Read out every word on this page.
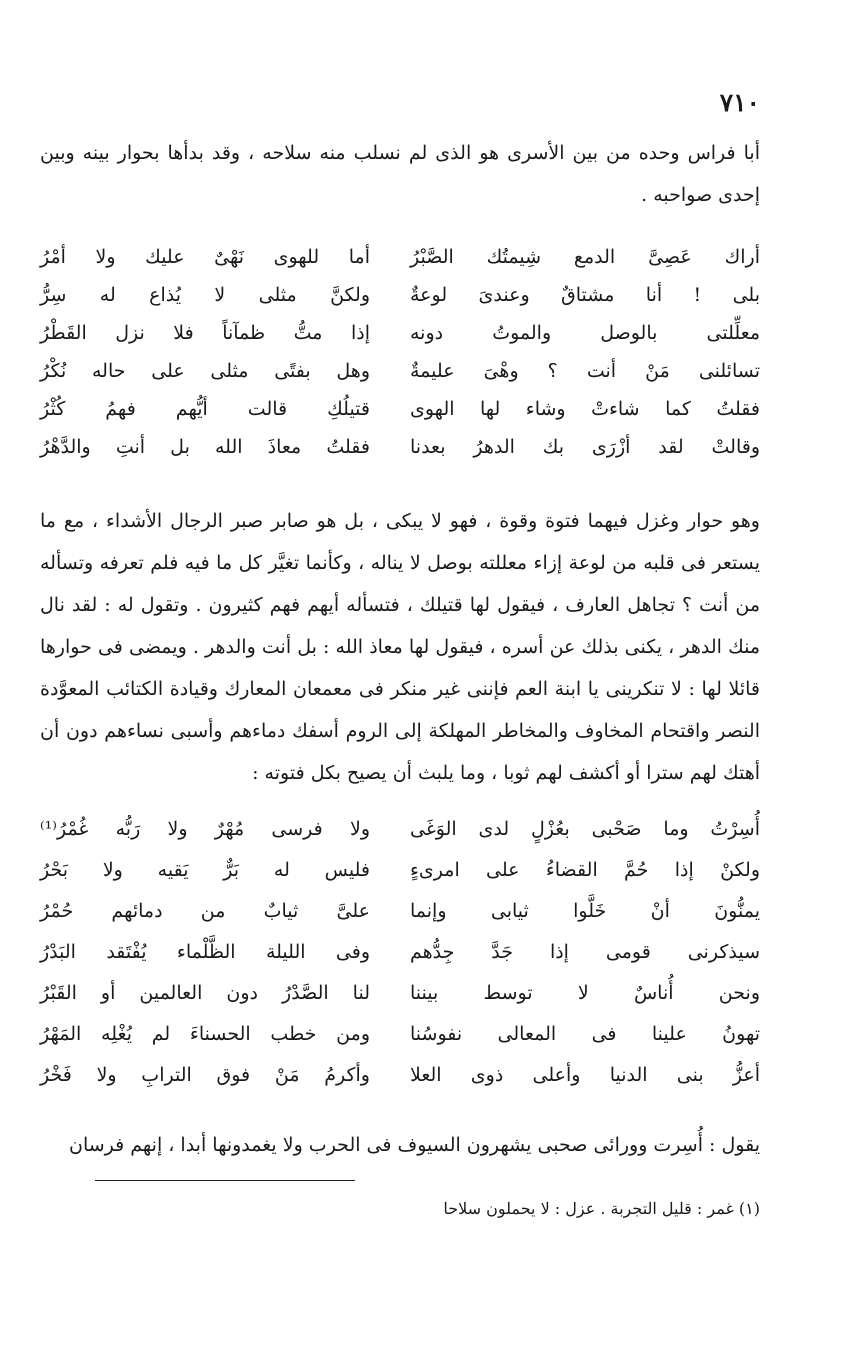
٧١٠

أبا فراس وحده من بين الأسرى هو الذى لم نسلب منه سلاحه ، وقد بدأها بحوار بينه وبين إحدى صواحبه .

أراك عَصِىَّ الدمع شِيمتُك الصَّبْرُ
أما للهوى نَهْىٌ عليك ولا أمْرُ
بلى ! أنا مشتاقٌ وعندىَ لوعةٌ
ولكنَّ مثلى لا يُذاع له سِرُّ
معلِّلتى بالوصل والموتُ دونه
إذا متُّ ظمآناً فلا نزل القَطْرُ
تسائلنى مَنْ أنت ؟ وهْىَ عليمةٌ
وهل بفتًى مثلى على حاله نُكْرُ
فقلتُ كما شاءتْ وشاء لها الهوى
قتيلُكِ قالت أيُّهم فهمُ كُثْرُ
وقالتْ لقد أزْرَى بك الدهرُ بعدنا
فقلتُ معاذَ الله بل أنتِ والدَّهْرُ

وهو حوار وغزل فيهما فتوة وقوة ، فهو لا يبكى ، بل هو صابر صبر الرجال الأشداء ، مع ما يستعر فى قلبه من لوعة إزاء معللته بوصل لا يناله ، وكأنما تغيَّر كل ما فيه فلم تعرفه وتسأله من أنت ؟ تجاهل العارف ، فيقول لها قتيلك ، فتسأله أيهم فهم كثيرون . وتقول له : لقد نال منك الدهر ، يكنى بذلك عن أسره ، فيقول لها معاذ الله : بل أنت والدهر . ويمضى فى حوارها قائلا لها : لا تنكرينى يا ابنة العم فإننى غير منكر فى معمعان المعارك وقيادة الكتائب المعوَّدة النصر واقتحام المخاوف والمخاطر المهلكة إلى الروم أسفك دماءهم وأسبى نساءهم دون أن أهتك لهم سترا أو أكشف لهم ثوبا ، وما يلبث أن يصيح بكل فتوته :

أُسِرْتُ وما صَحْبى بعُزْلٍ لدى الوَغَى
ولا فرسى مُهْرٌ ولا رَبُّه غُمْرُ⁽¹⁾
ولكنْ إذا حُمَّ القضاءُ على امرىءٍ
فليس له بَرٌّ يَقيه ولا بَحْرُ
يمنُّونَ أنْ خَلَّوا ثيابى وإنما
علىَّ ثيابٌ من دمائهم حُمْرُ
سيذكرنى قومى إذا جَدَّ جِدُّهم
وفى الليلة الظَّلْماء يُفْتَقد البَدْرُ
ونحن أُناسٌ لا توسط بيننا
لنا الصَّدْرُ دون العالمين أو القَبْرُ
تهونُ علينا فى المعالى نفوسُنا
ومن خطب الحسناءَ لم يُغْلِه المَهْرُ
أعزُّ بنى الدنيا وأعلى ذوى العلا
وأكرمُ مَنْ فوق الترابِ ولا فَخْرُ

يقول : أُسِرت وورائى صحبى يشهرون السيوف فى الحرب ولا يغمدونها أبدا ، إنهم فرسان

(١) غمر : قليل التجربة . عزل : لا يحملون سلاحا
